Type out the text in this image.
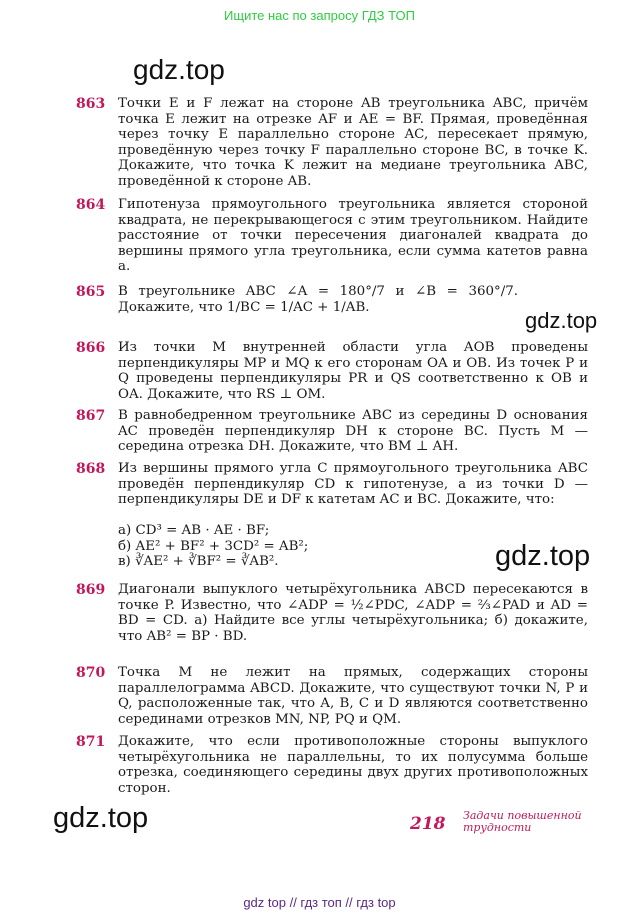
Ищите нас по запросу ГДЗ ТОП
gdz.top
gdz.top
gdz.top
gdz.top
863 Точки E и F лежат на стороне AB треугольника ABC, причём точка E лежит на отрезке AF и AE = BF. Прямая, проведённая через точку E параллельно стороне AC, пересекает прямую, проведённую через точку F параллельно стороне BC, в точке K. Докажите, что точка K лежит на медиане треугольника ABC, проведённой к стороне AB.

864 Гипотенуза прямоугольного треугольника является стороной квадрата, не перекрывающегося с этим треугольником. Найдите расстояние от точки пересечения диагоналей квадрата до вершины прямого угла треугольника, если сумма катетов равна a.

865 В треугольнике ABC ∠A = 180°/7 и ∠B = 360°/7. Докажите, что 1/BC = 1/AC + 1/AB.

866 Из точки M внутренней области угла AOB проведены перпендикуляры MP и MQ к его сторонам OA и OB. Из точек P и Q проведены перпендикуляры PR и QS соответственно к OB и OA. Докажите, что RS ⊥ OM.

867 В равнобедренном треугольнике ABC из середины D основания AC проведён перпендикуляр DH к стороне BC. Пусть M — середина отрезка DH. Докажите, что BM ⊥ AH.

868 Из вершины прямого угла C прямоугольного треугольника ABC проведён перпендикуляр CD к гипотенузе, а из точки D — перпендикуляры DE и DF к катетам AC и BC. Докажите, что:

а) CD³ = AB · AE · BF;

б) AE² + BF² + 3CD² = AB²;

в) ∛AE² + ∛BF² = ∛AB².

869 Диагонали выпуклого четырёхугольника ABCD пересекаются в точке P. Известно, что ∠ADP = ½∠PDC, ∠ADP = ⅔∠PAD и AD = BD = CD. а) Найдите все углы четырёхугольника; б) докажите, что AB² = BP · BD.

870 Точка M не лежит на прямых, содержащих стороны параллелограмма ABCD. Докажите, что существуют точки N, P и Q, расположенные так, что A, B, C и D являются соответственно серединами отрезков MN, NP, PQ и QM.

871 Докажите, что если противоположные стороны выпуклого четырёхугольника не параллельны, то их полусумма больше отрезка, соединяющего середины двух других противоположных сторон.

218 Задачи повышенной трудности
gdz top // гдз топ // гдз top
